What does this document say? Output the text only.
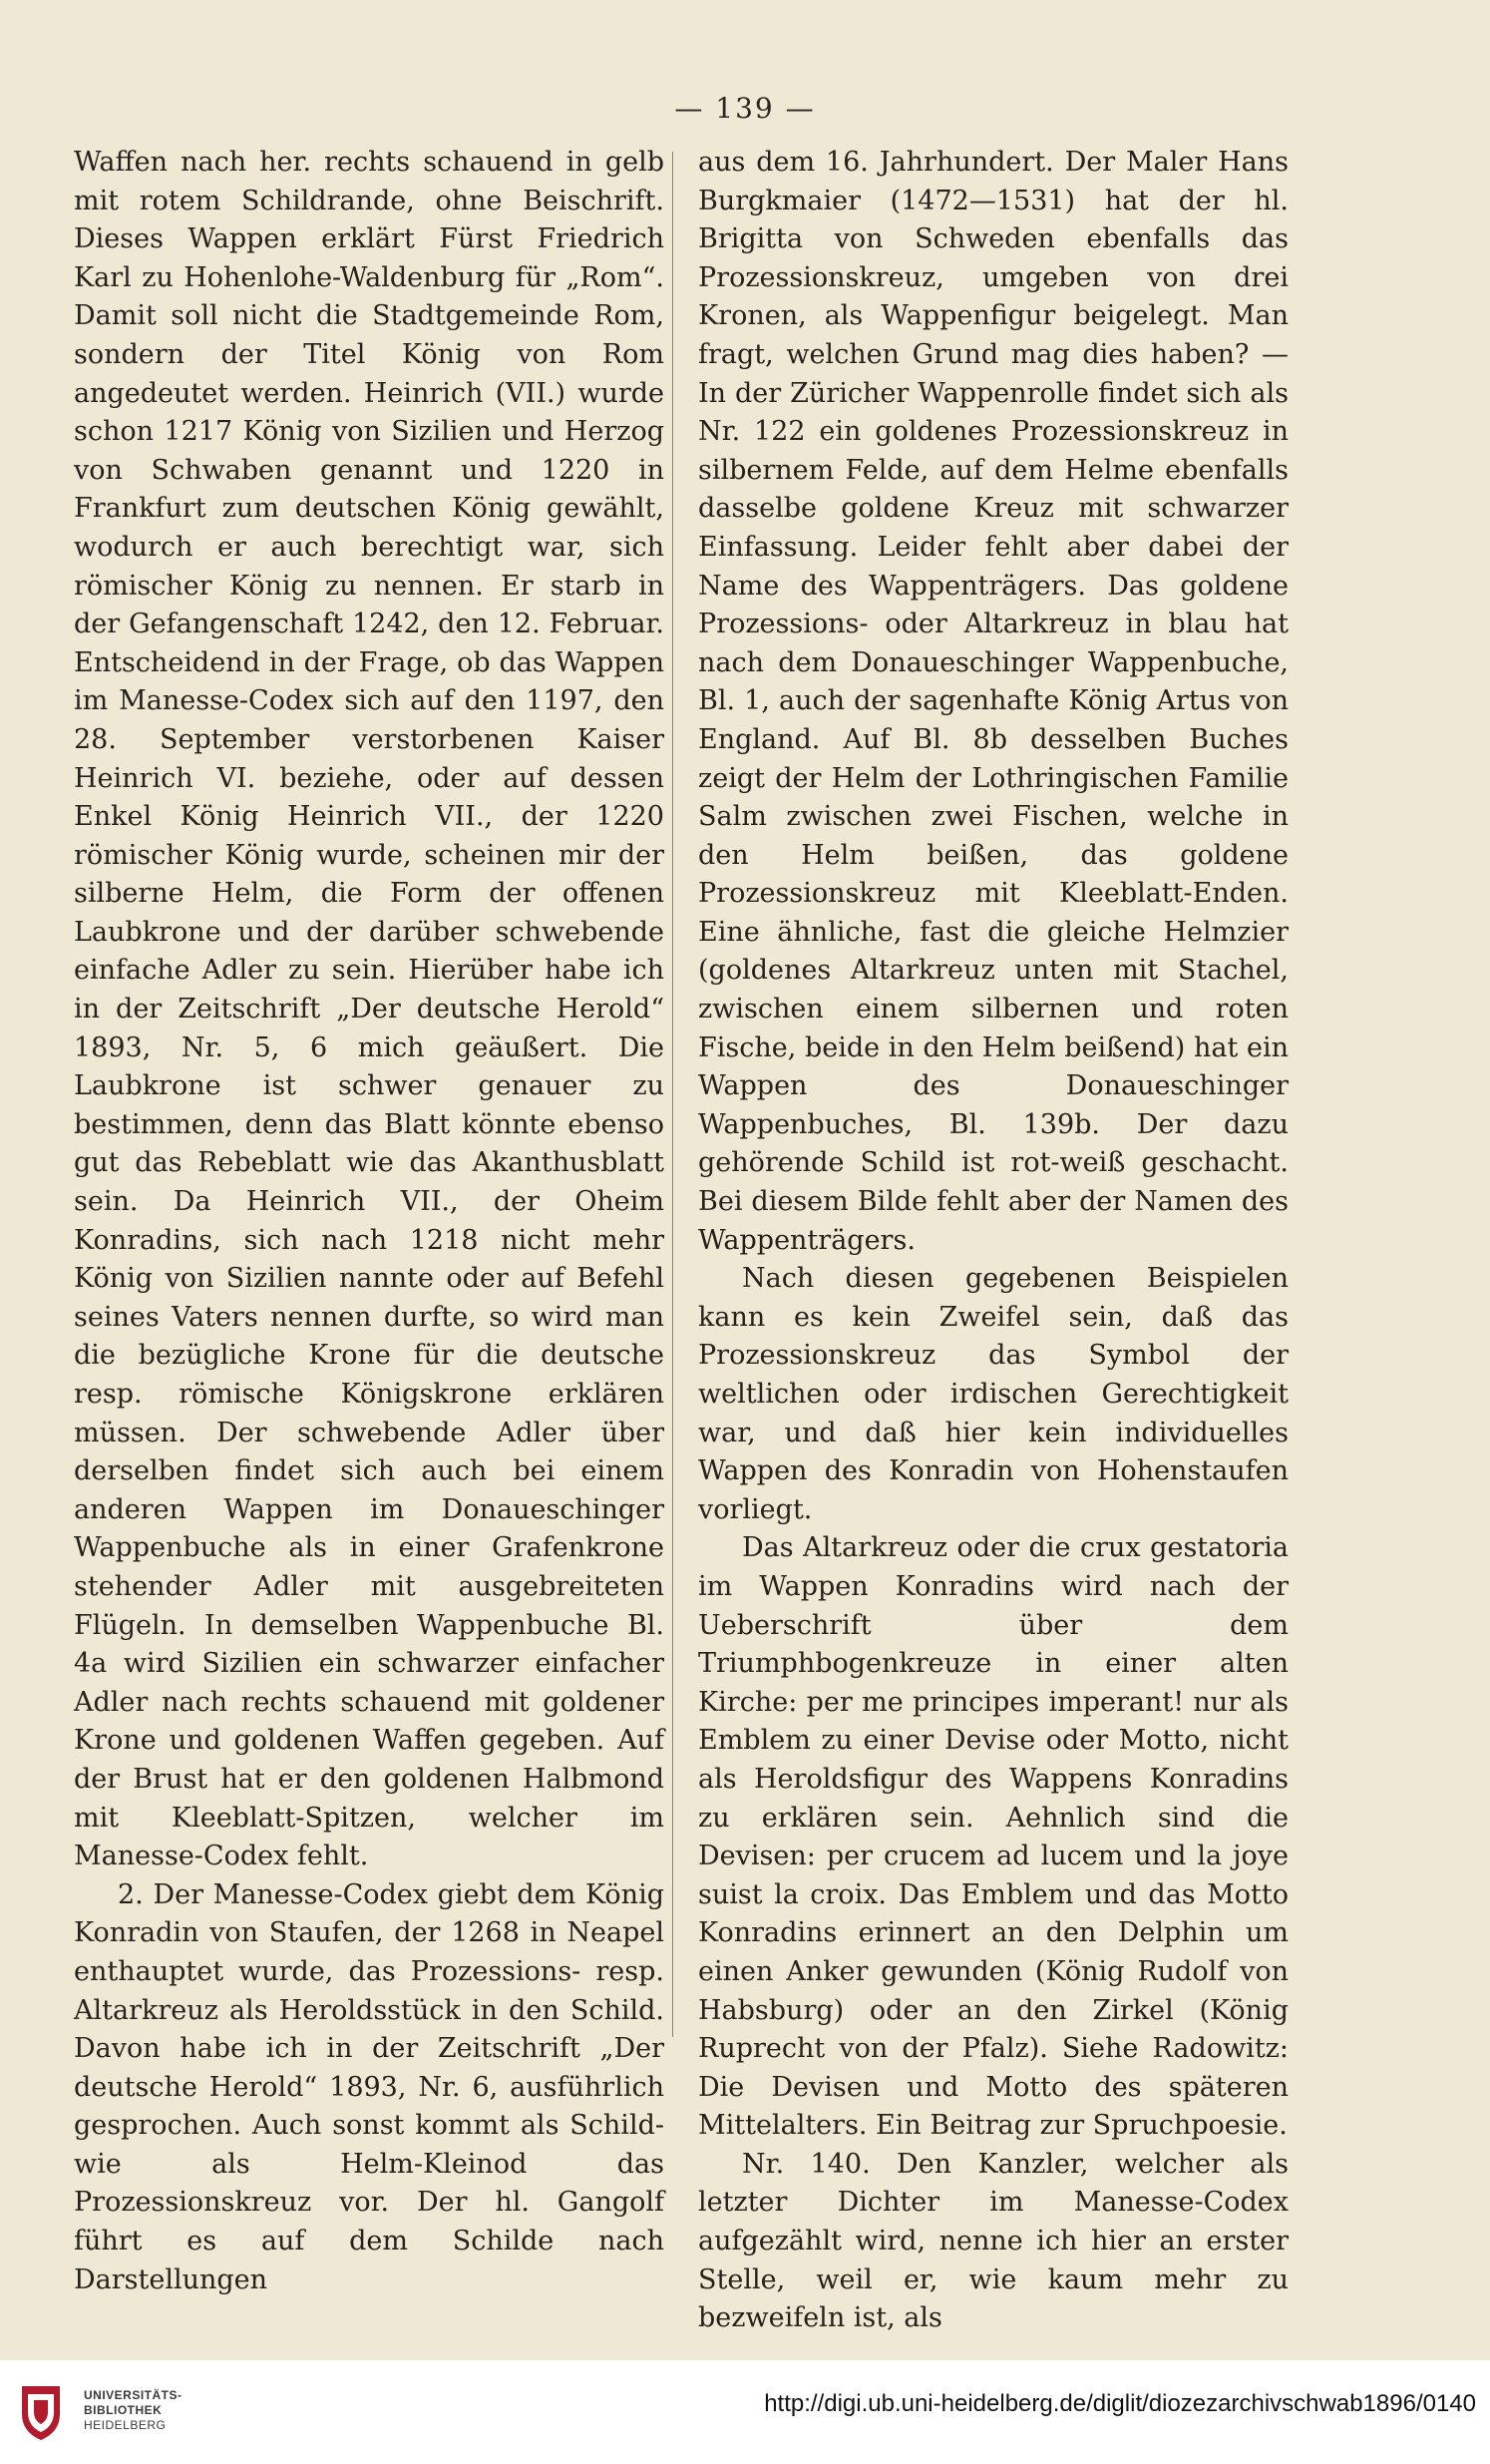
— 139 —

Waffen nach her. rechts schauend in gelb mit rotem Schildrande, ohne Beischrift. Dieses Wappen erklärt Fürst Friedrich Karl zu Hohenlohe-Waldenburg für „Rom“. Damit soll nicht die Stadtgemeinde Rom, sondern der Titel König von Rom angedeutet werden. Heinrich (VII.) wurde schon 1217 König von Sizilien und Herzog von Schwaben genannt und 1220 in Frankfurt zum deutschen König gewählt, wodurch er auch berechtigt war, sich römischer König zu nennen. Er starb in der Gefangenschaft 1242, den 12. Februar. Entscheidend in der Frage, ob das Wappen im Manesse-Codex sich auf den 1197, den 28. September verstorbenen Kaiser Heinrich VI. beziehe, oder auf dessen Enkel König Heinrich VII., der 1220 römischer König wurde, scheinen mir der silberne Helm, die Form der offenen Laubkrone und der darüber schwebende einfache Adler zu sein. Hierüber habe ich in der Zeitschrift „Der deutsche Herold“ 1893, Nr. 5, 6 mich geäußert. Die Laubkrone ist schwer genauer zu bestimmen, denn das Blatt könnte ebenso gut das Rebeblatt wie das Akanthusblatt sein. Da Heinrich VII., der Oheim Konradins, sich nach 1218 nicht mehr König von Sizilien nannte oder auf Befehl seines Vaters nennen durfte, so wird man die bezügliche Krone für die deutsche resp. römische Königskrone erklären müssen. Der schwebende Adler über derselben findet sich auch bei einem anderen Wappen im Donaueschinger Wappenbuche als in einer Grafenkrone stehender Adler mit ausgebreiteten Flügeln. In demselben Wappenbuche Bl. 4a wird Sizilien ein schwarzer einfacher Adler nach rechts schauend mit goldener Krone und goldenen Waffen gegeben. Auf der Brust hat er den goldenen Halbmond mit Kleeblatt-Spitzen, welcher im Manesse-Codex fehlt.

2. Der Manesse-Codex giebt dem König Konradin von Staufen, der 1268 in Neapel enthauptet wurde, das Prozessions- resp. Altarkreuz als Heroldsstück in den Schild. Davon habe ich in der Zeitschrift „Der deutsche Herold“ 1893, Nr. 6, ausführlich gesprochen. Auch sonst kommt als Schild- wie als Helm-Kleinod das Prozessionskreuz vor. Der hl. Gangolf führt es auf dem Schilde nach Darstellungen

aus dem 16. Jahrhundert. Der Maler Hans Burgkmaier (1472—1531) hat der hl. Brigitta von Schweden ebenfalls das Prozessionskreuz, umgeben von drei Kronen, als Wappenfigur beigelegt. Man fragt, welchen Grund mag dies haben? — In der Züricher Wappenrolle findet sich als Nr. 122 ein goldenes Prozessionskreuz in silbernem Felde, auf dem Helme ebenfalls dasselbe goldene Kreuz mit schwarzer Einfassung. Leider fehlt aber dabei der Name des Wappenträgers. Das goldene Prozessions- oder Altarkreuz in blau hat nach dem Donaueschinger Wappenbuche, Bl. 1, auch der sagenhafte König Artus von England. Auf Bl. 8b desselben Buches zeigt der Helm der Lothringischen Familie Salm zwischen zwei Fischen, welche in den Helm beißen, das goldene Prozessionskreuz mit Kleeblatt-Enden. Eine ähnliche, fast die gleiche Helmzier (goldenes Altarkreuz unten mit Stachel, zwischen einem silbernen und roten Fische, beide in den Helm beißend) hat ein Wappen des Donaueschinger Wappenbuches, Bl. 139b. Der dazu gehörende Schild ist rot-weiß geschacht. Bei diesem Bilde fehlt aber der Namen des Wappenträgers.

Nach diesen gegebenen Beispielen kann es kein Zweifel sein, daß das Prozessionskreuz das Symbol der weltlichen oder irdischen Gerechtigkeit war, und daß hier kein individuelles Wappen des Konradin von Hohenstaufen vorliegt.

Das Altarkreuz oder die crux gestatoria im Wappen Konradins wird nach der Ueberschrift über dem Triumphbogenkreuze in einer alten Kirche: per me principes imperant! nur als Emblem zu einer Devise oder Motto, nicht als Heroldsfigur des Wappens Konradins zu erklären sein. Aehnlich sind die Devisen: per crucem ad lucem und la joye suist la croix. Das Emblem und das Motto Konradins erinnert an den Delphin um einen Anker gewunden (König Rudolf von Habsburg) oder an den Zirkel (König Ruprecht von der Pfalz). Siehe Radowitz: Die Devisen und Motto des späteren Mittelalters. Ein Beitrag zur Spruchpoesie.

Nr. 140. Den Kanzler, welcher als letzter Dichter im Manesse-Codex aufgezählt wird, nenne ich hier an erster Stelle, weil er, wie kaum mehr zu bezweifeln ist, als

UNIVERSITÄTS-
BIBLIOTHEK
HEIDELBERG
http://digi.ub.uni-heidelberg.de/diglit/diozezarchivschwab1896/0140
